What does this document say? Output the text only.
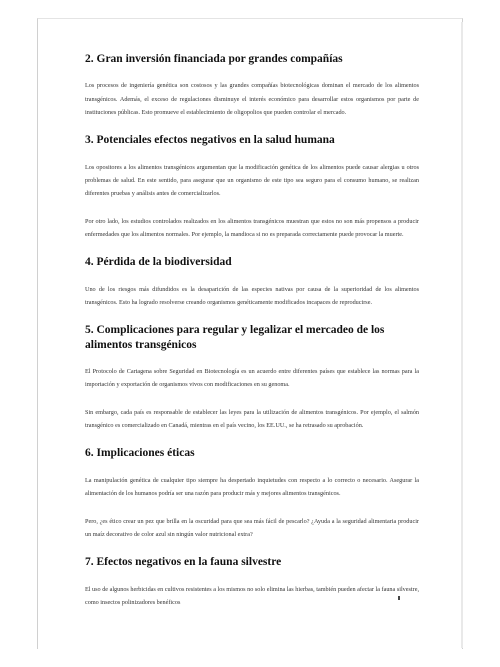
2. Gran inversión financiada por grandes compañías

Los procesos de ingeniería genética son costosos y las grandes compañías biotecnológicas dominan el mercado de los alimentos transgénicos. Además, el exceso de regulaciones disminuye el interés económico para desarrollar estos organismos por parte de instituciones públicas. Esto promueve el establecimiento de oligopolios que pueden controlar el mercado.

3. Potenciales efectos negativos en la salud humana

Los opositores a los alimentos transgénicos argumentan que la modificación genética de los alimentos puede causar alergias u otros problemas de salud. En este sentido, para asegurar que un organismo de este tipo sea seguro para el consumo humano, se realizan diferentes pruebas y análisis antes de comercializarlos.

Por otro lado, los estudios controlados realizados en los alimentos transgénicos muestran que estos no son más propensos a producir enfermedades que los alimentos normales. Por ejemplo, la mandioca si no es preparada correctamente puede provocar la muerte.

4. Pérdida de la biodiversidad

Uno de los riesgos más difundidos es la desaparición de las especies nativas por causa de la superioridad de los alimentos transgénicos. Esto ha logrado resolverse creando organismos genéticamente modificados incapaces de reproducirse.

5. Complicaciones para regular y legalizar el mercadeo de los alimentos transgénicos

El Protocolo de Cartagena sobre Seguridad en Biotecnología es un acuerdo entre diferentes países que establece las normas para la importación y exportación de organismos vivos con modificaciones en su genoma.

Sin embargo, cada país es responsable de establecer las leyes para la utilización de alimentos transgénicos. Por ejemplo, el salmón transgénico es comercializado en Canadá, mientras en el país vecino, los EE.UU., se ha retrasado su aprobación.

6. Implicaciones éticas

La manipulación genética de cualquier tipo siempre ha despertado inquietudes con respecto a lo correcto o necesario. Asegurar la alimentación de los humanos podría ser una razón para producir más y mejores alimentos transgénicos.

Pero, ¿es ético crear un pez que brilla en la oscuridad para que sea más fácil de pescarlo? ¿Ayuda a la seguridad alimentaria producir un maíz decorativo de color azul sin ningún valor nutricional extra?

7. Efectos negativos en la fauna silvestre

El uso de algunos herbicidas en cultivos resistentes a los mismos no solo elimina las hierbas, también pueden afectar la fauna silvestre, como insectos polinizadores benéficos
